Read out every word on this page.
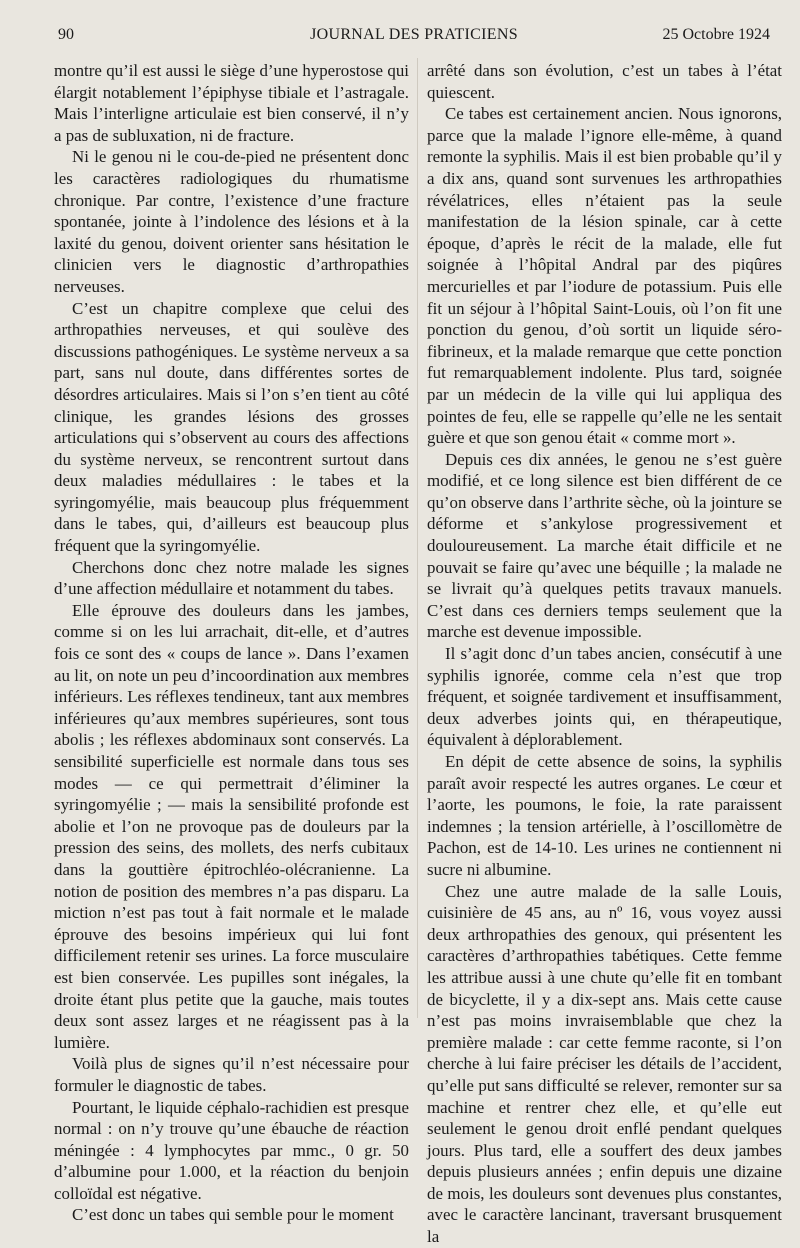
90	JOURNAL DES PRATICIENS	25 Octobre 1924

montre qu’il est aussi le siège d’une hyperostose qui élargit notablement l’épiphyse tibiale et l’astragale. Mais l’interligne articulaie est bien conservé, il n’y a pas de subluxation, ni de fracture.

Ni le genou ni le cou-de-pied ne présentent donc les caractères radiologiques du rhumatisme chronique. Par contre, l’existence d’une fracture spontanée, jointe à l’indolence des lésions et à la laxité du genou, doivent orienter sans hésitation le clinicien vers le diagnostic d’arthropathies nerveuses.

C’est un chapitre complexe que celui des arthropathies nerveuses, et qui soulève des discussions pathogéniques. Le système nerveux a sa part, sans nul doute, dans différentes sortes de désordres articulaires. Mais si l’on s’en tient au côté clinique, les grandes lésions des grosses articulations qui s’observent au cours des affections du système nerveux, se rencontrent surtout dans deux maladies médullaires : le tabes et la syringomyélie, mais beaucoup plus fréquemment dans le tabes, qui, d’ailleurs est beaucoup plus fréquent que la syringomyélie.

Cherchons donc chez notre malade les signes d’une affection médullaire et notamment du tabes.

Elle éprouve des douleurs dans les jambes, comme si on les lui arrachait, dit-elle, et d’autres fois ce sont des « coups de lance ». Dans l’examen au lit, on note un peu d’incoordination aux membres inférieurs. Les réflexes tendineux, tant aux membres inférieures qu’aux membres supérieures, sont tous abolis ; les réflexes abdominaux sont conservés. La sensibilité superficielle est normale dans tous ses modes — ce qui permettrait d’éliminer la syringomyélie ; — mais la sensibilité profonde est abolie et l’on ne provoque pas de douleurs par la pression des seins, des mollets, des nerfs cubitaux dans la gouttière épitrochléo-olécranienne. La notion de position des membres n’a pas disparu. La miction n’est pas tout à fait normale et le malade éprouve des besoins impérieux qui lui font difficilement retenir ses urines. La force musculaire est bien conservée. Les pupilles sont inégales, la droite étant plus petite que la gauche, mais toutes deux sont assez larges et ne réagissent pas à la lumière.

Voilà plus de signes qu’il n’est nécessaire pour formuler le diagnostic de tabes.

Pourtant, le liquide céphalo-rachidien est presque normal : on n’y trouve qu’une ébauche de réaction méningée : 4 lymphocytes par mmc., 0 gr. 50 d’albumine pour 1.000, et la réaction du benjoin colloïdal est négative.

C’est donc un tabes qui semble pour le moment

arrêté dans son évolution, c’est un tabes à l’état quiescent.

Ce tabes est certainement ancien. Nous ignorons, parce que la malade l’ignore elle-même, à quand remonte la syphilis. Mais il est bien probable qu’il y a dix ans, quand sont survenues les arthropathies révélatrices, elles n’étaient pas la seule manifestation de la lésion spinale, car à cette époque, d’après le récit de la malade, elle fut soignée à l’hôpital Andral par des piqûres mercurielles et par l’iodure de potassium. Puis elle fit un séjour à l’hôpital Saint-Louis, où l’on fit une ponction du genou, d’où sortit un liquide séro-fibrineux, et la malade remarque que cette ponction fut remarquablement indolente. Plus tard, soignée par un médecin de la ville qui lui appliqua des pointes de feu, elle se rappelle qu’elle ne les sentait guère et que son genou était « comme mort ».

Depuis ces dix années, le genou ne s’est guère modifié, et ce long silence est bien différent de ce qu’on observe dans l’arthrite sèche, où la jointure se déforme et s’ankylose progressivement et douloureusement. La marche était difficile et ne pouvait se faire qu’avec une béquille ; la malade ne se livrait qu’à quelques petits travaux manuels. C’est dans ces derniers temps seulement que la marche est devenue impossible.

Il s’agit donc d’un tabes ancien, consécutif à une syphilis ignorée, comme cela n’est que trop fréquent, et soignée tardivement et insuffisamment, deux adverbes joints qui, en thérapeutique, équivalent à déplorablement.

En dépit de cette absence de soins, la syphilis paraît avoir respecté les autres organes. Le cœur et l’aorte, les poumons, le foie, la rate paraissent indemnes ; la tension artérielle, à l’oscillomètre de Pachon, est de 14-10. Les urines ne contiennent ni sucre ni albumine.

Chez une autre malade de la salle Louis, cuisinière de 45 ans, au nº 16, vous voyez aussi deux arthropathies des genoux, qui présentent les caractères d’arthropathies tabétiques. Cette femme les attribue aussi à une chute qu’elle fit en tombant de bicyclette, il y a dix-sept ans. Mais cette cause n’est pas moins invraisemblable que chez la première malade : car cette femme raconte, si l’on cherche à lui faire préciser les détails de l’accident, qu’elle put sans difficulté se relever, remonter sur sa machine et rentrer chez elle, et qu’elle eut seulement le genou droit enflé pendant quelques jours. Plus tard, elle a souffert des deux jambes depuis plusieurs années ; enfin depuis une dizaine de mois, les douleurs sont devenues plus constantes, avec le caractère lancinant, traversant brusquement la
